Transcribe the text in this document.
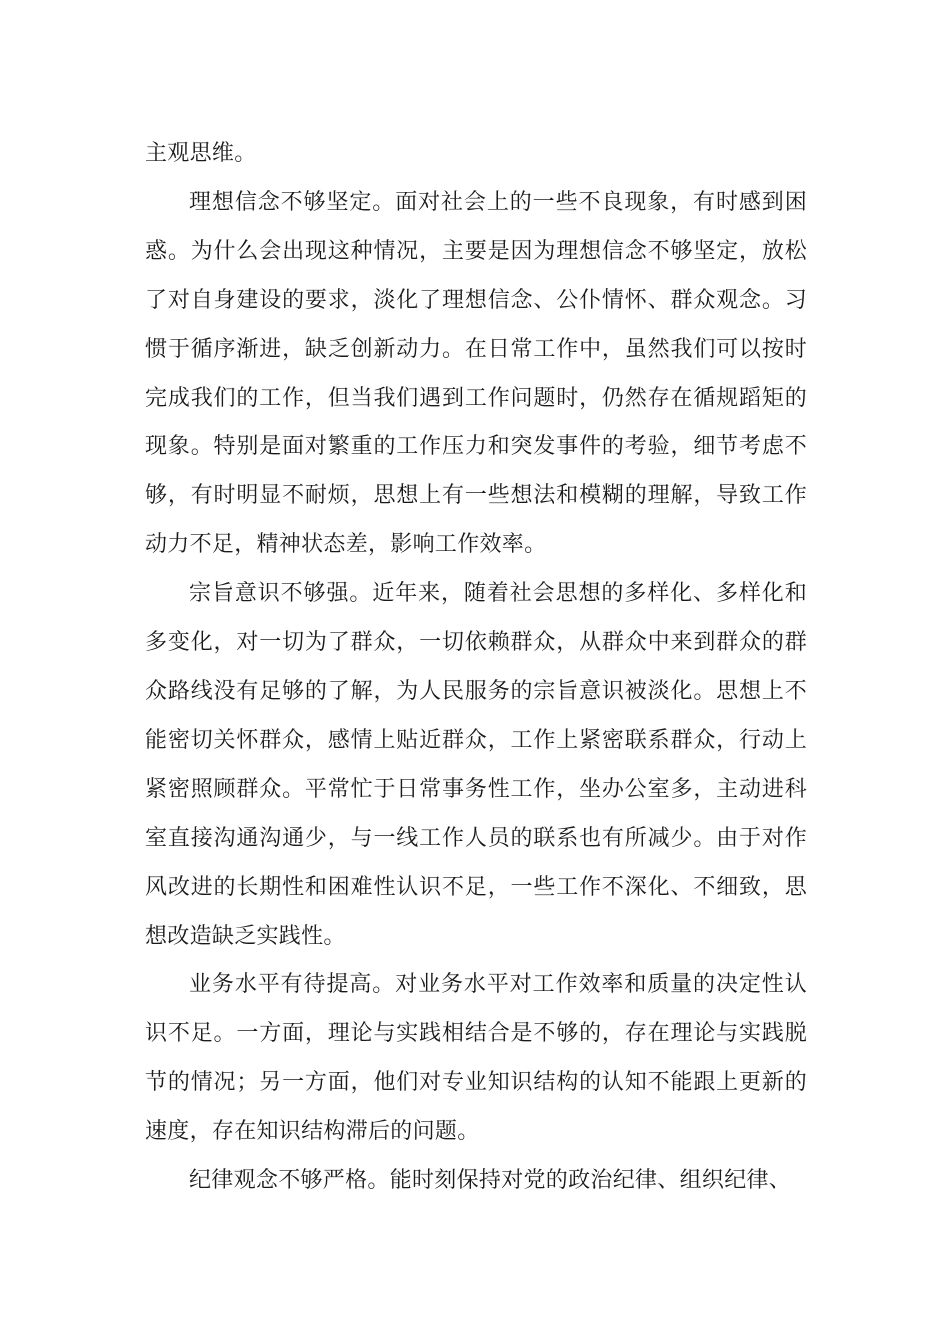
主观思维。

理想信念不够坚定。面对社会上的一些不良现象，有时感到困惑。为什么会出现这种情况，主要是因为理想信念不够坚定，放松了对自身建设的要求，淡化了理想信念、公仆情怀、群众观念。习惯于循序渐进，缺乏创新动力。在日常工作中，虽然我们可以按时完成我们的工作，但当我们遇到工作问题时，仍然存在循规蹈矩的现象。特别是面对繁重的工作压力和突发事件的考验，细节考虑不够，有时明显不耐烦，思想上有一些想法和模糊的理解，导致工作动力不足，精神状态差，影响工作效率。

宗旨意识不够强。近年来，随着社会思想的多样化、多样化和多变化，对一切为了群众，一切依赖群众，从群众中来到群众的群众路线没有足够的了解，为人民服务的宗旨意识被淡化。思想上不能密切关怀群众，感情上贴近群众，工作上紧密联系群众，行动上紧密照顾群众。平常忙于日常事务性工作，坐办公室多，主动进科室直接沟通沟通少，与一线工作人员的联系也有所减少。由于对作风改进的长期性和困难性认识不足，一些工作不深化、不细致，思想改造缺乏实践性。

业务水平有待提高。对业务水平对工作效率和质量的决定性认识不足。一方面，理论与实践相结合是不够的，存在理论与实践脱节的情况；另一方面，他们对专业知识结构的认知不能跟上更新的速度，存在知识结构滞后的问题。

纪律观念不够严格。能时刻保持对党的政治纪律、组织纪律、
